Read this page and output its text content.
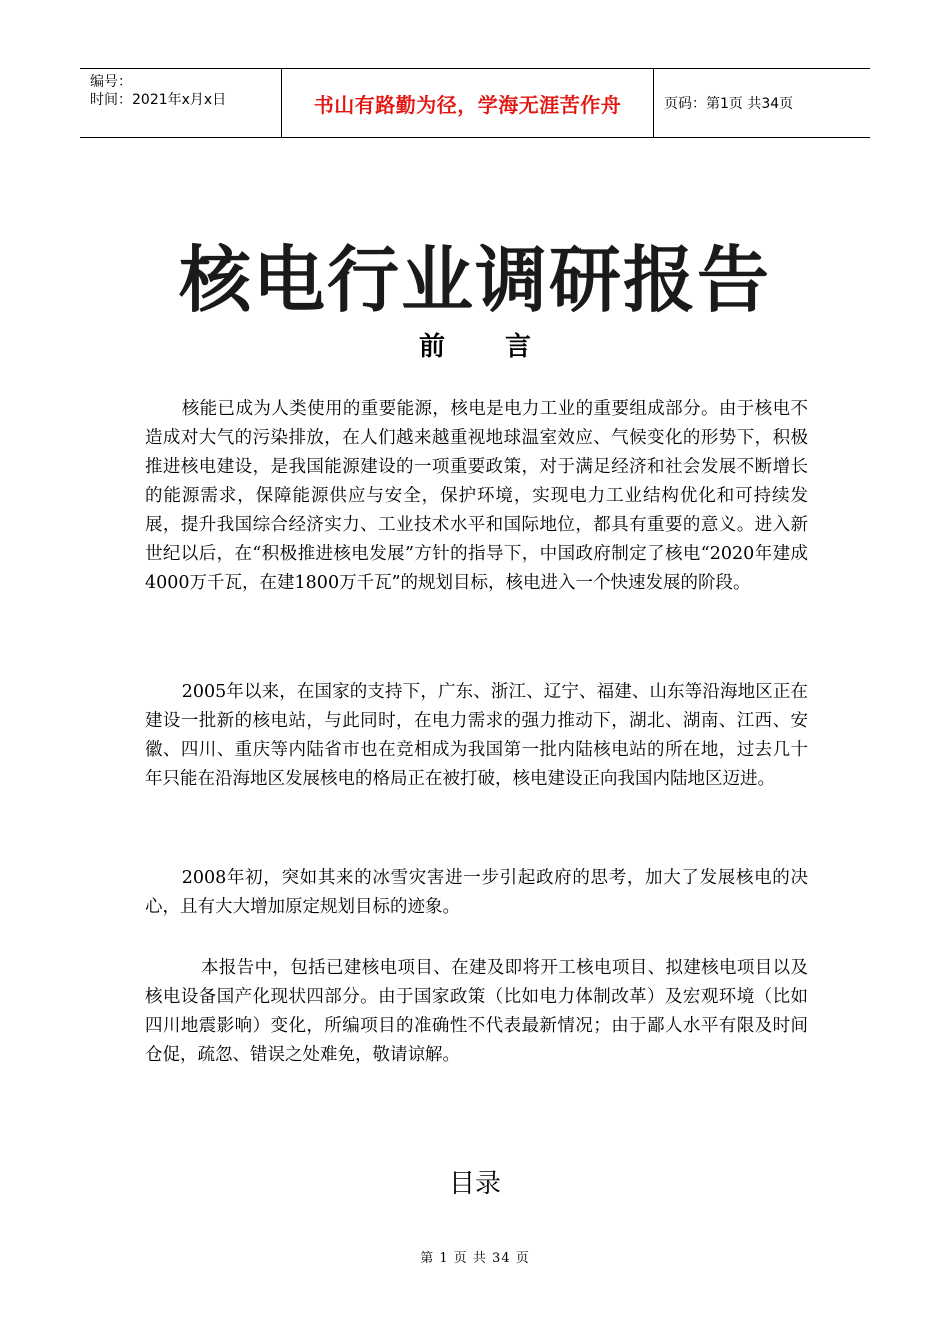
编号：
时间：2021年x月x日	书山有路勤为径，学海无涯苦作舟	页码：第1页 共34页
核电行业调研报告
前 言

核能已成为人类使用的重要能源，核电是电力工业的重要组成部分。由于核电不造成对大气的污染排放，在人们越来越重视地球温室效应、气候变化的形势下，积极推进核电建设，是我国能源建设的一项重要政策，对于满足经济和社会发展不断增长的能源需求，保障能源供应与安全，保护环境，实现电力工业结构优化和可持续发展，提升我国综合经济实力、工业技术水平和国际地位，都具有重要的意义。进入新世纪以后，在“积极推进核电发展”方针的指导下，中国政府制定了核电“2020年建成4000万千瓦，在建1800万千瓦”的规划目标，核电进入一个快速发展的阶段。

2005年以来，在国家的支持下，广东、浙江、辽宁、福建、山东等沿海地区正在建设一批新的核电站，与此同时，在电力需求的强力推动下，湖北、湖南、江西、安徽、四川、重庆等内陆省市也在竞相成为我国第一批内陆核电站的所在地，过去几十年只能在沿海地区发展核电的格局正在被打破，核电建设正向我国内陆地区迈进。

2008年初，突如其来的冰雪灾害进一步引起政府的思考，加大了发展核电的决心，且有大大增加原定规划目标的迹象。

本报告中，包括已建核电项目、在建及即将开工核电项目、拟建核电项目以及核电设备国产化现状四部分。由于国家政策（比如电力体制改革）及宏观环境（比如四川地震影响）变化，所编项目的准确性不代表最新情况；由于鄙人水平有限及时间仓促，疏忽、错误之处难免，敬请谅解。

目录
第 1 页 共 34 页
